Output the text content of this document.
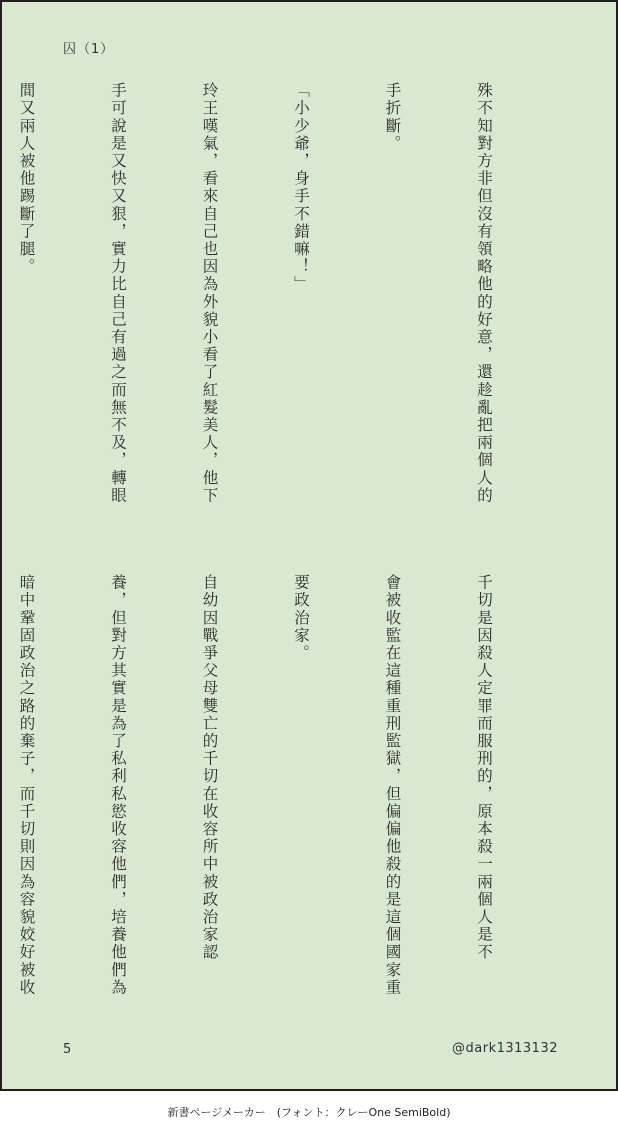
囚（1）

殊不知對方非但沒有領略他的好意，還趁亂把兩個人的

手折斷。

「小少爺，身手不錯嘛！」

玲王嘆氣，看來自己也因為外貌小看了紅髮美人，他下

手可說是又快又狠，實力比自己有過之而無不及，轉眼

間又兩人被他踢斷了腿。

千切是因殺人定罪而服刑的，原本殺一兩個人是不

會被收監在這種重刑監獄，但偏偏他殺的是這個國家重

要政治家。

自幼因戰爭父母雙亡的千切在收容所中被政治家認

養，但對方其實是為了私利私慾收容他們，培養他們為

暗中鞏固政治之路的棄子，而千切則因為容貌姣好被收

5	@dark1313132
新書ページメーカー　(フォント：クレーOne SemiBold)
